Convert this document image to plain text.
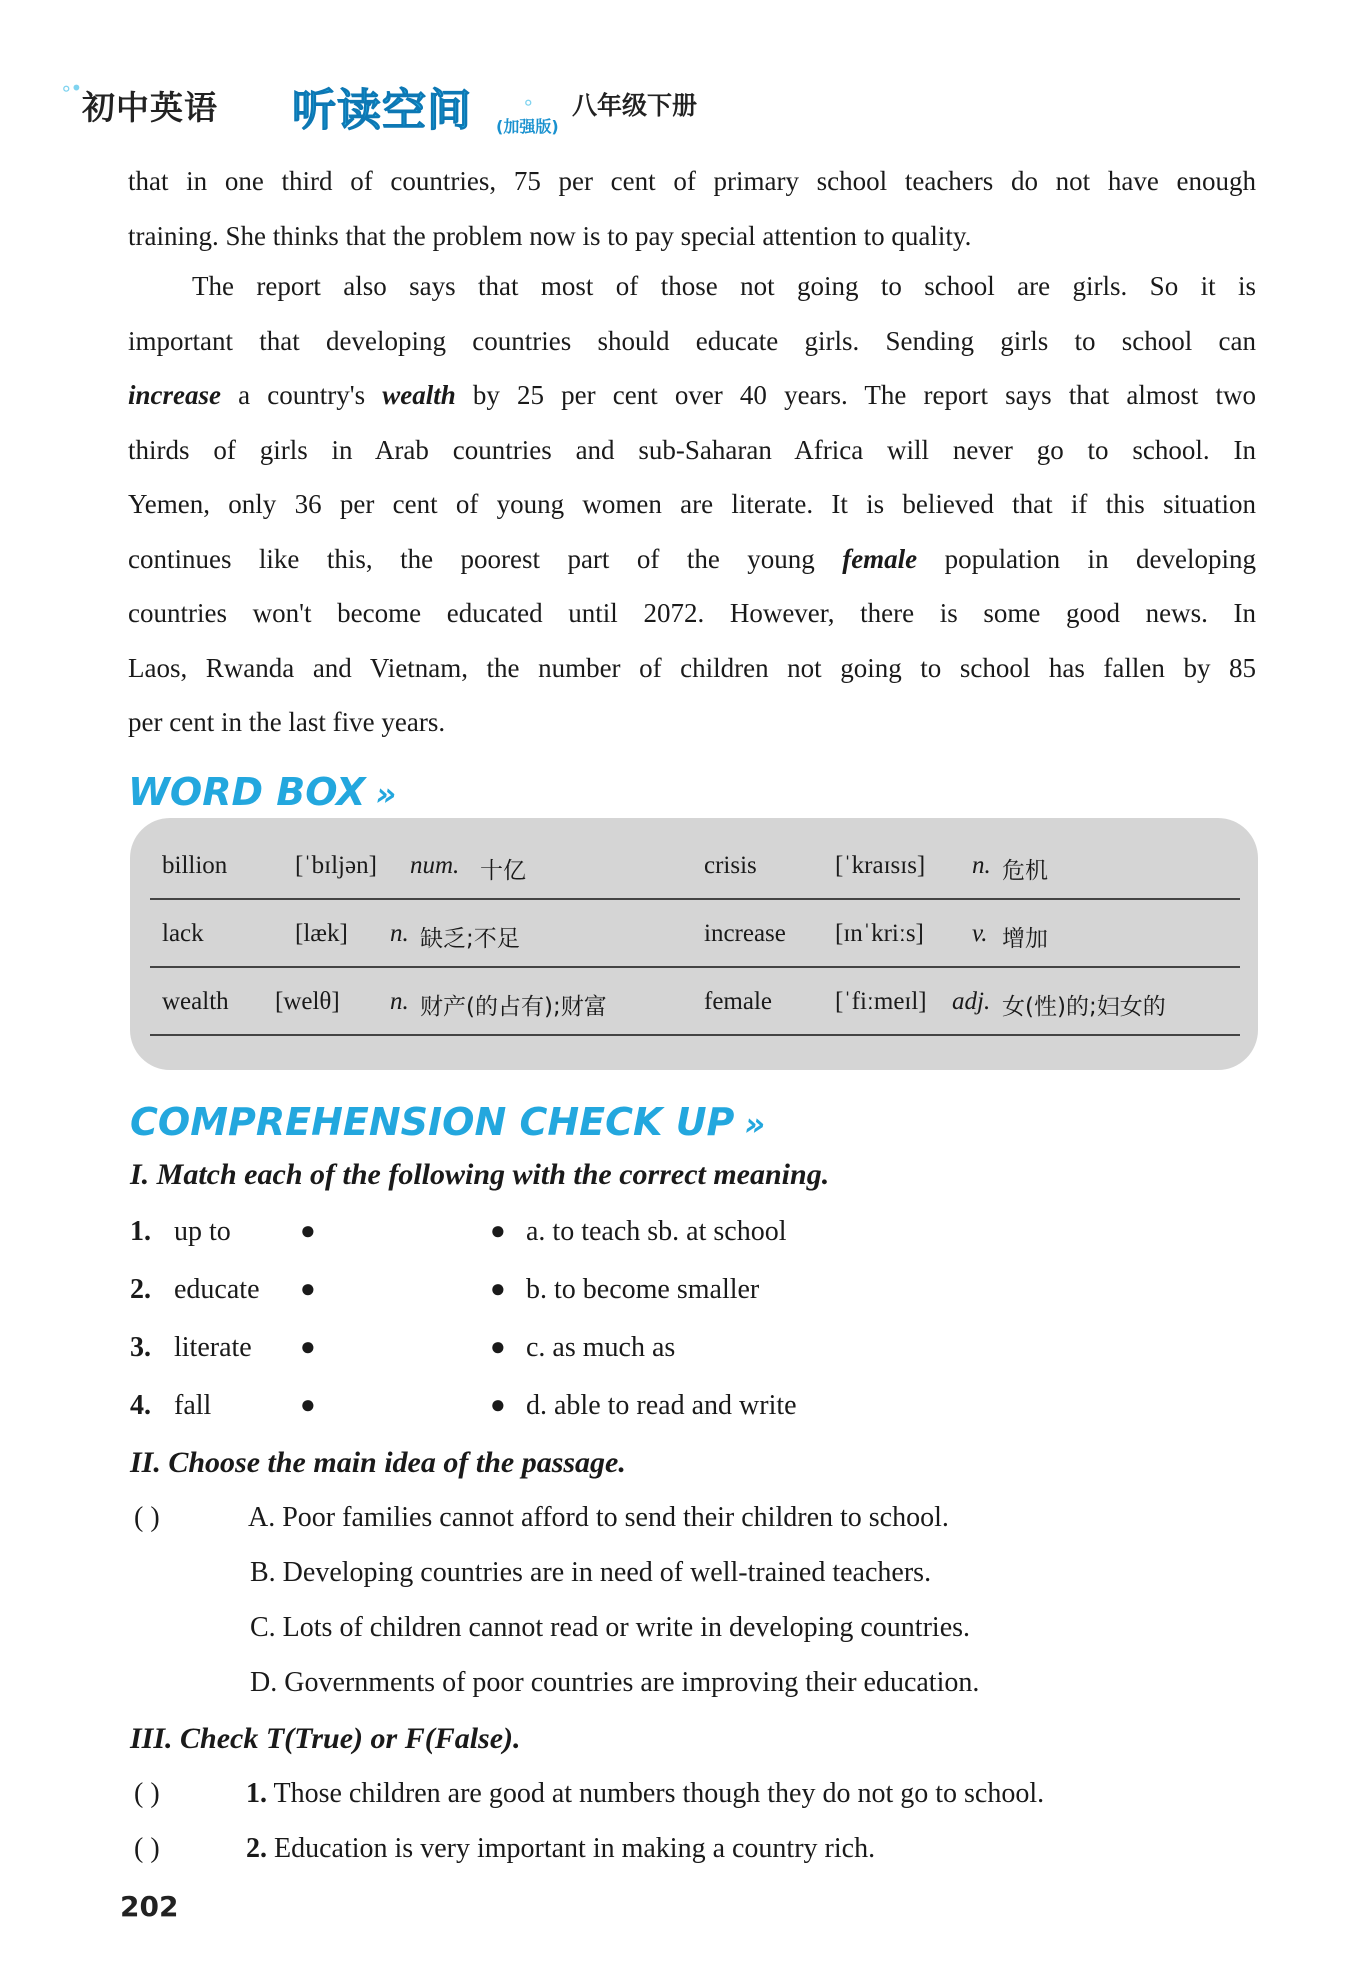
∘• 初中英语 听读空间 (加强版)
∘ 八年级下册
that in one third of countries, 75 per cent of primary school teachers do not have enough
training. She thinks that the problem now is to pay special attention to quality.
The report also says that most of those not going to school are girls. So it is
important that developing countries should educate girls. Sending girls to school can
increase a country's wealth by 25 per cent over 40 years. The report says that almost two
thirds of girls in Arab countries and sub-Saharan Africa will never go to school. In
Yemen, only 36 per cent of young women are literate. It is believed that if this situation
continues like this, the poorest part of the young female population in developing
countries won't become educated until 2072. However, there is some good news. In
Laos, Rwanda and Vietnam, the number of children not going to school has fallen by 85
per cent in the last five years.
WORD BOX »
billion	[ˈbɪljən] num. 十亿	crisis	[ˈkraɪsɪs] n. 危机
lack	[læk] n. 缺乏;不足	increase [ɪnˈkriːs] v. 增加
wealth [welθ] n. 财产(的占有);财富	female	[ˈfiːmeɪl] adj. 女(性)的;妇女的
COMPREHENSION CHECK UP »
I. Match each of the following with the correct meaning.
1. up to	●	● a. to teach sb. at school
2. educate ●	● b. to become smaller
3. literate ●	● c. as much as
4. fall	●	● d. able to read and write
II. Choose the main idea of the passage.
( )	A. Poor families cannot afford to send their children to school.
B. Developing countries are in need of well-trained teachers.
C. Lots of children cannot read or write in developing countries.
D. Governments of poor countries are improving their education.
III. Check T(True) or F(False).
( )	1. Those children are good at numbers though they do not go to school.
( )	2. Education is very important in making a country rich.
202
